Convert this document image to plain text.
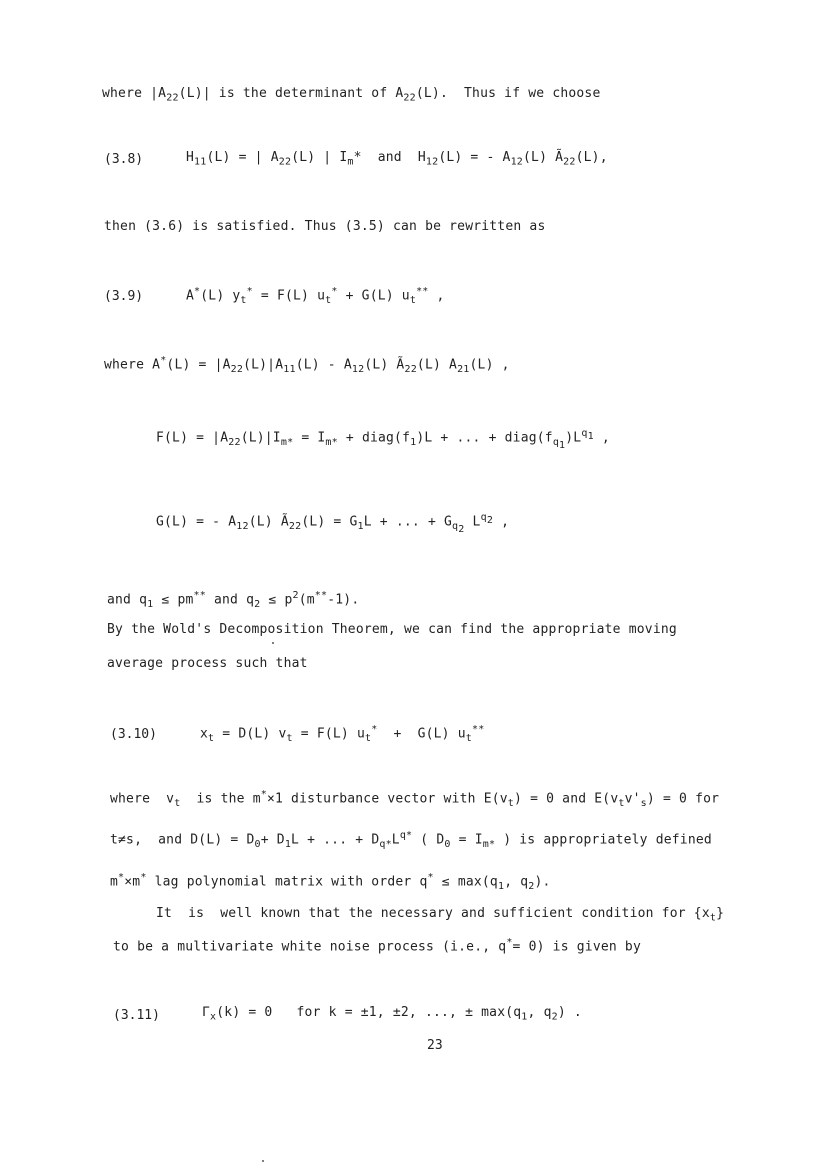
where $|A_{22}(L)|$ is the determinant of $A_{22}(L)$.  Thus if we choose
(3.8)	$H_{11}(L)$ = | $A_{22}(L)$ | $I_m*$  and  $H_{12}(L)$ = - $A_{12}(L)$ $Ã_{22}(L)$,
then (3.6) is satisfied. Thus (3.5) can be rewritten as
(3.9)	A*(L) $y_t^* = F(L) u_t^* + G(L)$ $u_t^{**}$ ,
where $A^*(L) = |A_{22}(L)|A_{11}(L) - A_{12}(L)$ $Ã_{22}(L)$ $A_{21}(L)$ ,
$F(L) = |A_{22}(L)|I_{m*} = I_{m*}$ + $diag(f_1)L$ + ... + $diag(f_{q_1})L^{q_1}$ ,
G(L) = - $A_{12}(L)$ $Ã_{22}(L) = G_1L$ + ... + $G_{q_2}$ $L^{q_2}$ ,
and $q_1 \le pm^{**}$ and $q_2 \le p^2(m^{**}-1)$.
By the Wold's Decomposition Theorem, we can find the appropriate moving
average process such that
(3.10)	$x_t = D(L) v_t = F(L) u_t^* + G(L)$ $u_t^{**}$
where  $v_t$  is the m*×1 disturbance vector with $E(v_t) = 0$ and $E(v_tv'_s) = 0$ for
t≠s,  and $D(L) = D_0+ D_1L$ + ... + $D_{q*}L^{q*}$ ( $D_0 = I_{m*}$ ) is appropriately defined
m*×m* lag polynomial matrix with order $q^* \le \max(q_1$, $q_2$).
It  is  well known that the necessary and sufficient condition for $\{x_t\}$
to be a multivariate white noise process (i.e., q*= 0) is given by
(3.11)	$\Gamma_x(k) = 0$   for k = ±1, ±2, ..., ± $\max(q_1$, $q_2$) .
23
